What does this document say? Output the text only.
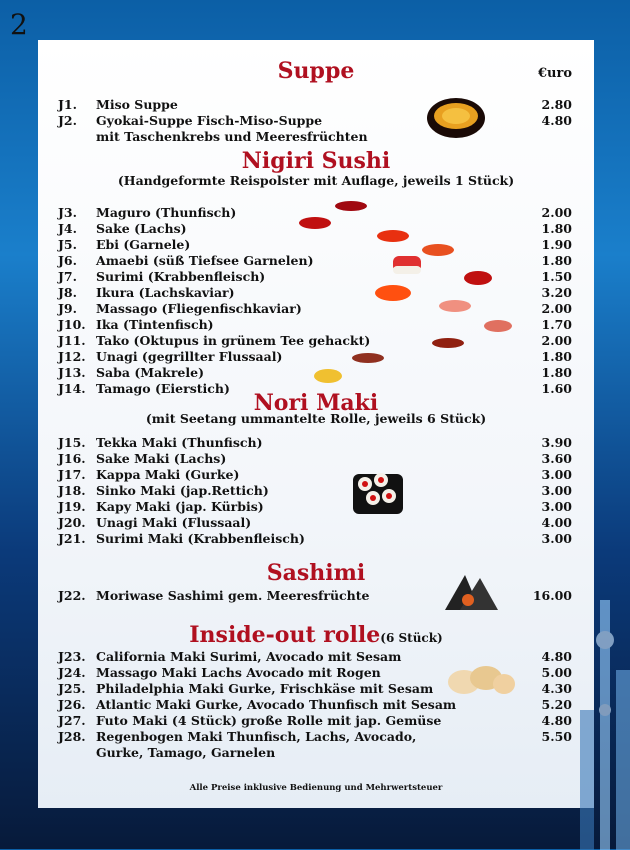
2
€uro
Suppe
Nigiri Sushi
(Handgeformte Reispolster mit Auflage, jeweils 1 Stück)
Nori Maki
(mit Seetang ummantelte Rolle, jeweils 6 Stück)
Sashimi
Inside-out rolle(6 Stück)
J1. Miso Suppe	2.80
J2. Gyokai-Suppe Fisch-Miso-Suppe	4.80
mit Taschenkrebs und Meeresfrüchten
J3. Maguro (Thunfisch)	2.00
J4. Sake (Lachs)	1.80
J5. Ebi (Garnele)	1.90
J6. Amaebi (süß Tiefsee Garnelen)	1.80
J7. Surimi (Krabbenfleisch)	1.50
J8. Ikura (Lachskaviar)	3.20
J9. Massago (Fliegenfischkaviar)	2.00
J10. Ika (Tintenfisch)	1.70
J11. Tako (Oktupus in grünem Tee gehackt)	2.00
J12. Unagi (gegrillter Flussaal)	1.80
J13. Saba (Makrele)	1.80
J14. Tamago (Eierstich)	1.60
J15. Tekka Maki (Thunfisch)	3.90
J16. Sake Maki (Lachs)	3.60
J17. Kappa Maki (Gurke)	3.00
J18. Sinko Maki (jap.Rettich)	3.00
J19. Kapy Maki (jap. Kürbis)	3.00
J20. Unagi Maki (Flussaal)	4.00
J21. Surimi Maki (Krabbenfleisch)	3.00
J22. Moriwase Sashimi gem. Meeresfrüchte	16.00
J23. California Maki Surimi, Avocado mit Sesam	4.80
J24. Massago Maki Lachs Avocado mit Rogen	5.00
J25. Philadelphia Maki Gurke, Frischkäse mit Sesam	4.30
J26. Atlantic Maki Gurke, Avocado Thunfisch mit Sesam	5.20
J27. Futo Maki (4 Stück) große Rolle mit jap. Gemüse	4.80
J28. Regenbogen Maki Thunfisch, Lachs, Avocado,	5.50
Gurke, Tamago, Garnelen
Alle Preise inklusive Bedienung und Mehrwertsteuer
